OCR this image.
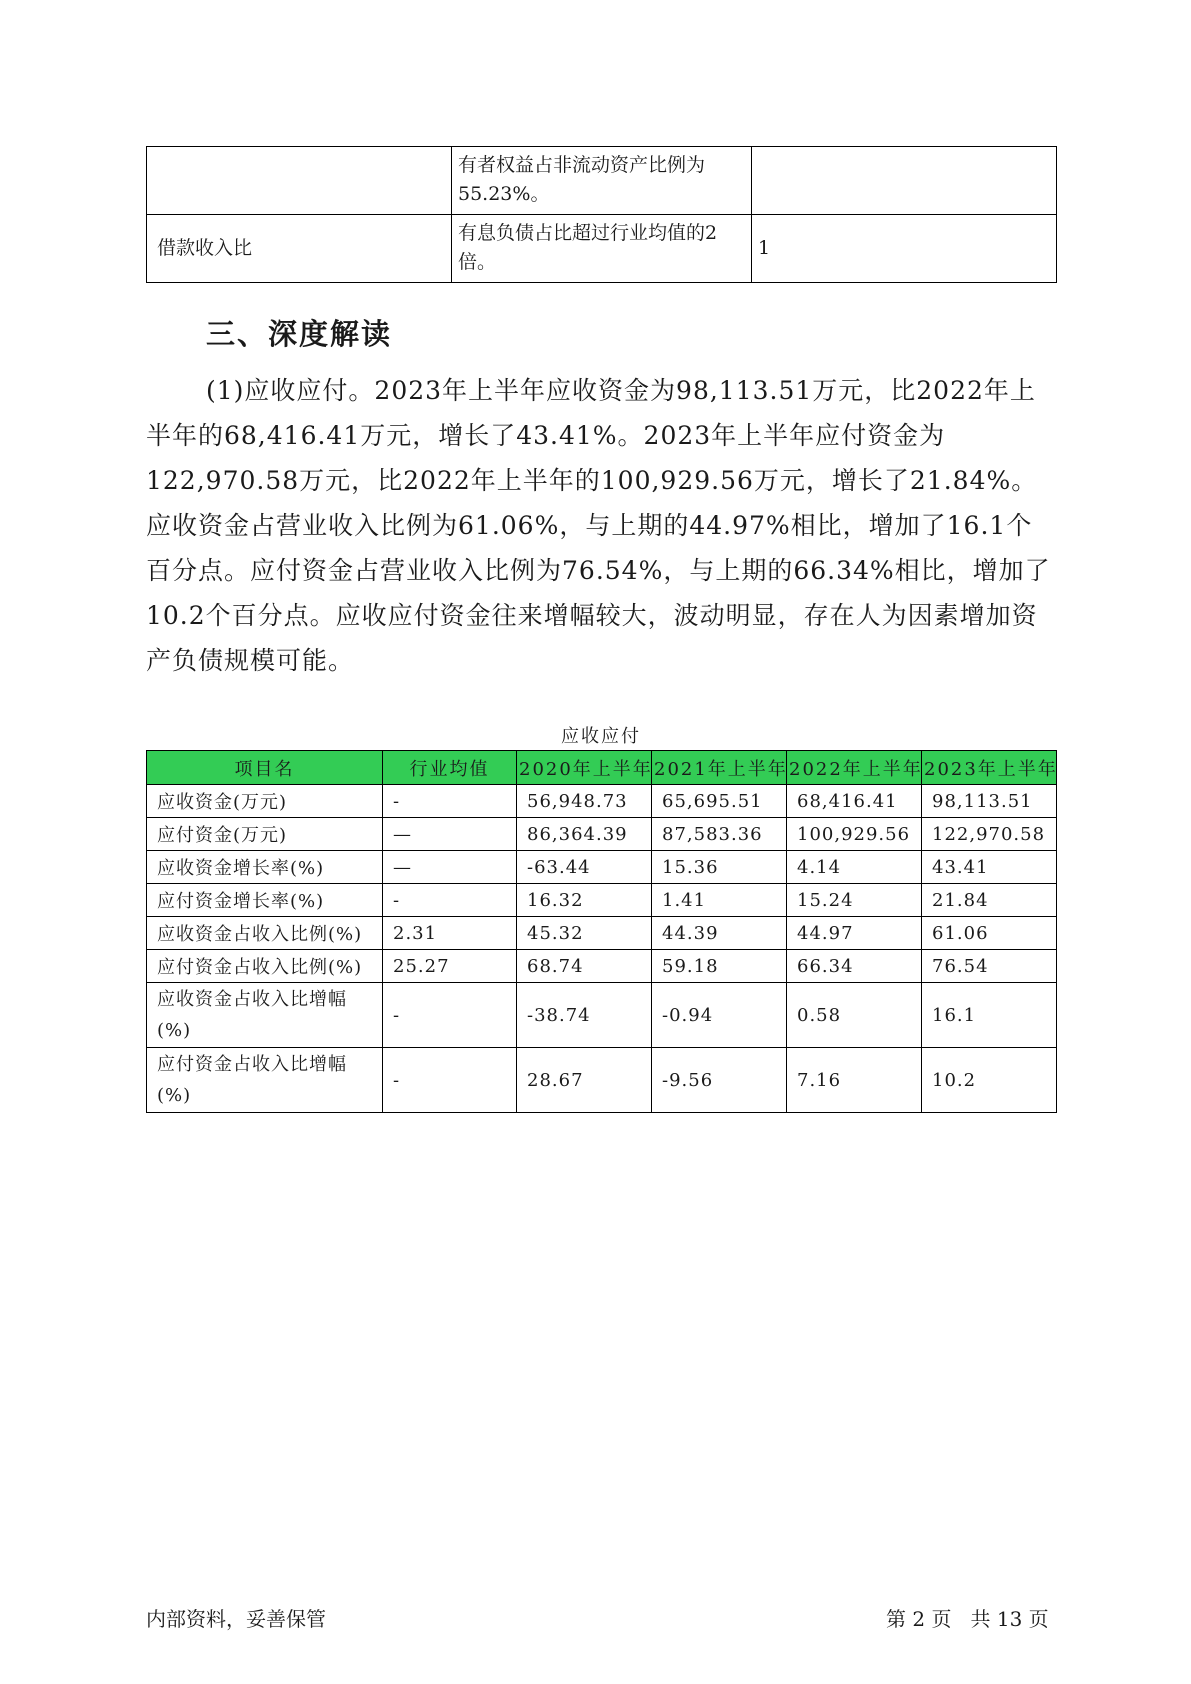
	有者权益占非流动资产比例为55.23%。	
借款收入比	有息负债占比超过行业均值的2倍。	1
三、深度解读

(1)应收应付。2023年上半年应收资金为98,113.51万元，比2022年上半年的68,416.41万元，增长了43.41%。2023年上半年应付资金为122,970.58万元，比2022年上半年的100,929.56万元，增长了21.84%。应收资金占营业收入比例为61.06%，与上期的44.97%相比，增加了16.1个百分点。应付资金占营业收入比例为76.54%，与上期的66.34%相比，增加了10.2个百分点。应收应付资金往来增幅较大，波动明显，存在人为因素增加资产负债规模可能。

应收应付
项目名	行业均值	2020年上半年	2021年上半年	2022年上半年	2023年上半年
应收资金(万元)	-	56,948.73	65,695.51	68,416.41	98,113.51
应付资金(万元)	—	86,364.39	87,583.36	100,929.56	122,970.58
应收资金增长率(%)	—	-63.44	15.36	4.14	43.41
应付资金增长率(%)	-	16.32	1.41	15.24	21.84
应收资金占收入比例(%)	2.31	45.32	44.39	44.97	61.06
应付资金占收入比例(%)	25.27	68.74	59.18	66.34	76.54
应收资金占收入比增幅(%)	-	-38.74	-0.94	0.58	16.1
应付资金占收入比增幅(%)	-	28.67	-9.56	7.16	10.2
内部资料，妥善保管	第 2 页   共 13 页
